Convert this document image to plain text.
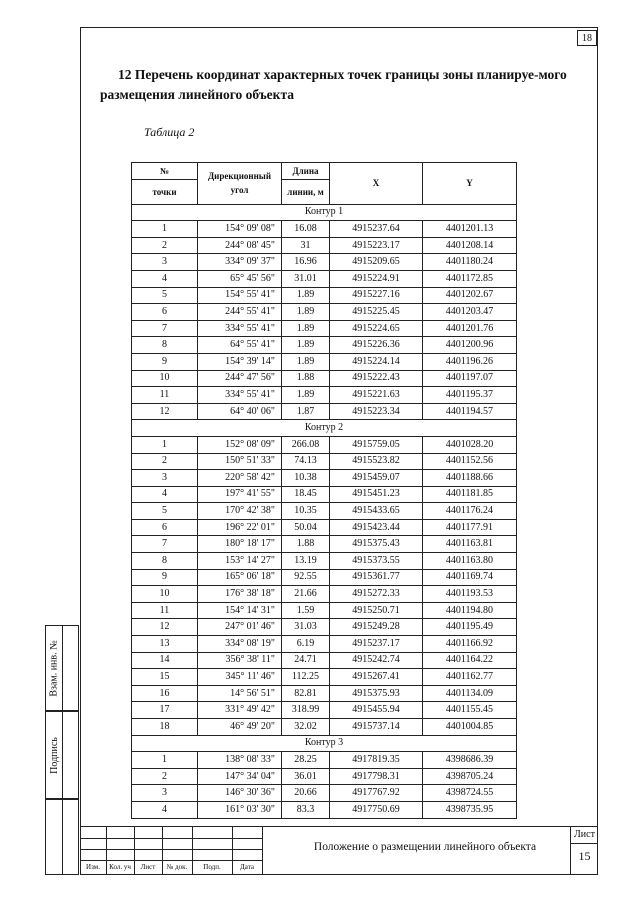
18
12 Перечень координат характерных точек границы зоны планируе-мого размещения линейного объекта
Таблица 2
№	Дирекционный угол	Длина	X	Y
точки		линии, м		
Контур 1				
1	154° 09' 08"	16.08	4915237.64	4401201.13
2	244° 08' 45"	31	4915223.17	4401208.14
3	334° 09' 37"	16.96	4915209.65	4401180.24
4	65° 45' 56"	31.01	4915224.91	4401172.85
5	154° 55' 41"	1.89	4915227.16	4401202.67
6	244° 55' 41"	1.89	4915225.45	4401203.47
7	334° 55' 41"	1.89	4915224.65	4401201.76
8	64° 55' 41"	1.89	4915226.36	4401200.96
9	154° 39' 14"	1.89	4915224.14	4401196.26
10	244° 47' 56"	1.88	4915222.43	4401197.07
11	334° 55' 41"	1.89	4915221.63	4401195.37
12	64° 40' 06"	1.87	4915223.34	4401194.57
Контур 2				
1	152° 08' 09"	266.08	4915759.05	4401028.20
2	150° 51' 33"	74.13	4915523.82	4401152.56
3	220° 58' 42"	10.38	4915459.07	4401188.66
4	197° 41' 55"	18.45	4915451.23	4401181.85
5	170° 42' 38"	10.35	4915433.65	4401176.24
6	196° 22' 01"	50.04	4915423.44	4401177.91
7	180° 18' 17"	1.88	4915375.43	4401163.81
8	153° 14' 27"	13.19	4915373.55	4401163.80
9	165° 06' 18"	92.55	4915361.77	4401169.74
10	176° 38' 18"	21.66	4915272.33	4401193.53
11	154° 14' 31"	1.59	4915250.71	4401194.80
12	247° 01' 46"	31.03	4915249.28	4401195.49
13	334° 08' 19"	6.19	4915237.17	4401166.92
14	356° 38' 11"	24.71	4915242.74	4401164.22
15	345° 11' 46"	112.25	4915267.41	4401162.77
16	14° 56' 51"	82.81	4915375.93	4401134.09
17	331° 49' 42"	318.99	4915455.94	4401155.45
18	46° 49' 20"	32.02	4915737.14	4401004.85
Контур 3				
1	138° 08' 33"	28.25	4917819.35	4398686.39
2	147° 34' 04"	36.01	4917798.31	4398705.24
3	146° 30' 36"	20.66	4917767.92	4398724.55
4	161° 03' 30"	83.3	4917750.69	4398735.95
Взам. инв. №
Подпись
Изм.	Кол. уч	Лист	№ док.	Подп.	Дата
Положение о размещении линейного объекта
Лист
15
